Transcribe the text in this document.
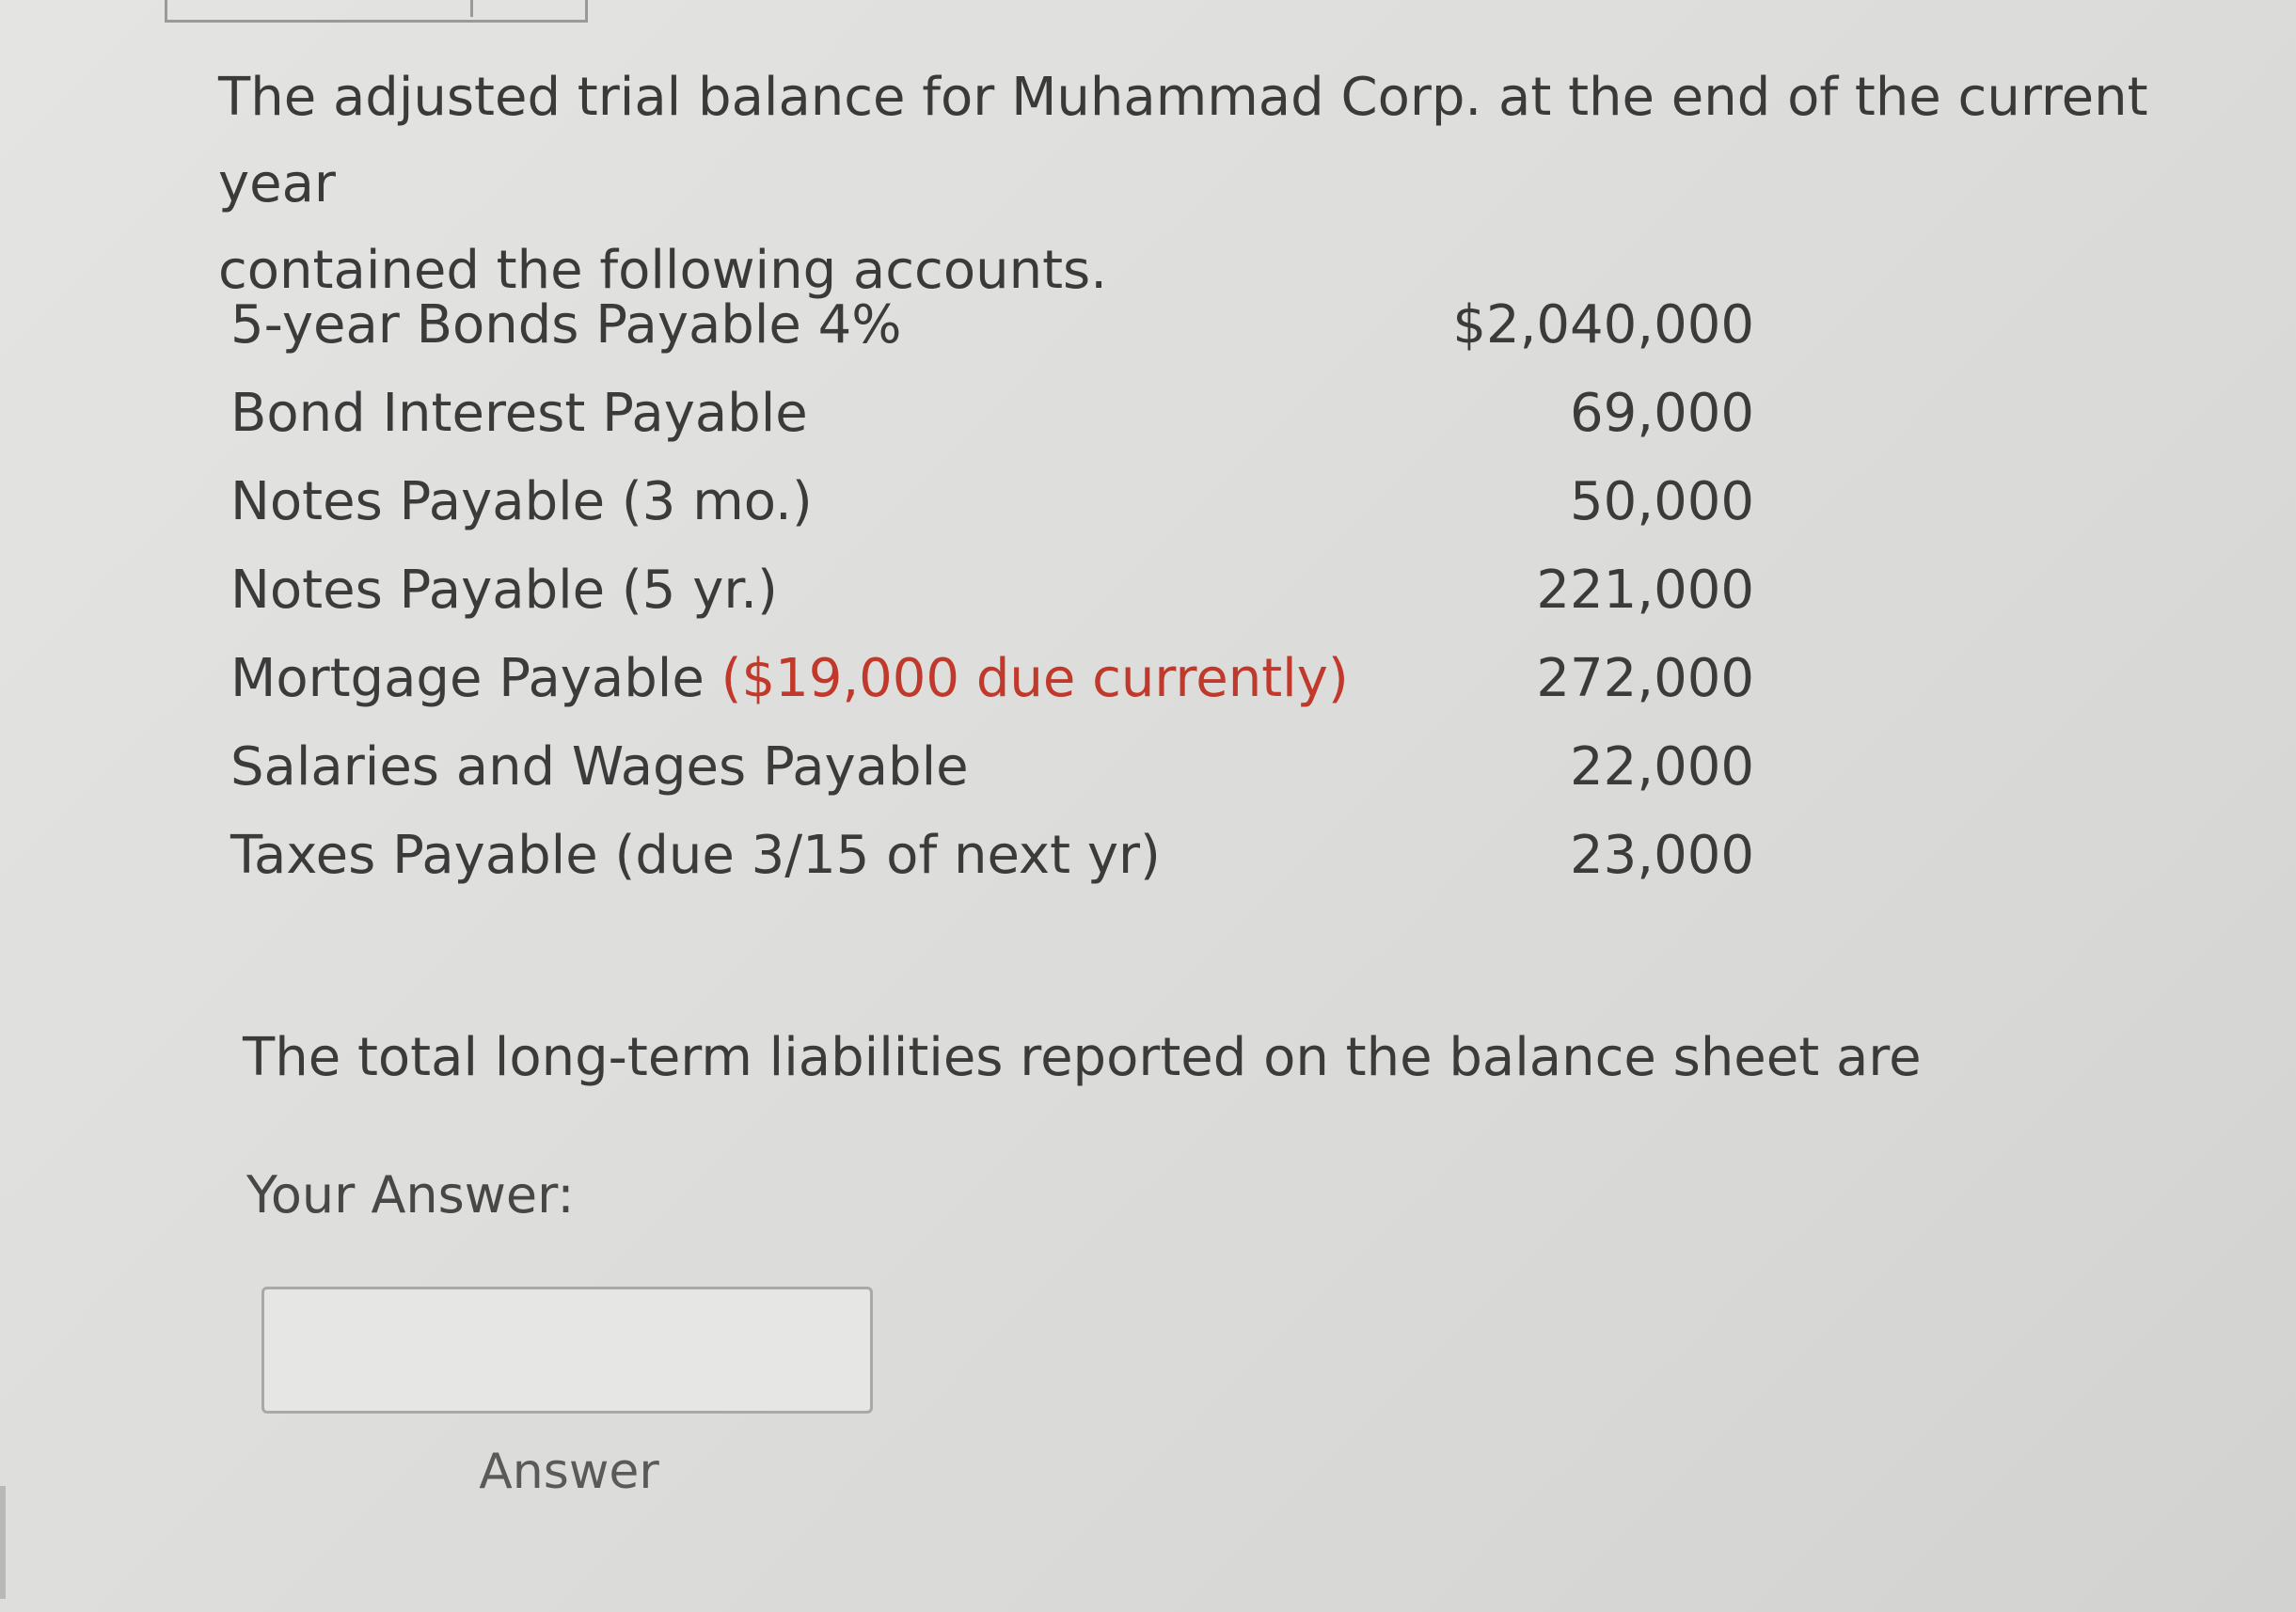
The adjusted trial balance for Muhammad Corp. at the end of the current year
contained the following accounts.
5-year Bonds Payable 4%	$2,040,000
Bond Interest Payable	69,000
Notes Payable (3 mo.)	50,000
Notes Payable (5 yr.)	221,000
Mortgage Payable ($19,000 due currently)	272,000
Salaries and Wages Payable	22,000
Taxes Payable (due 3/15 of next yr)	23,000

The total long-term liabilities reported on the balance sheet are

Your Answer:

Answer
